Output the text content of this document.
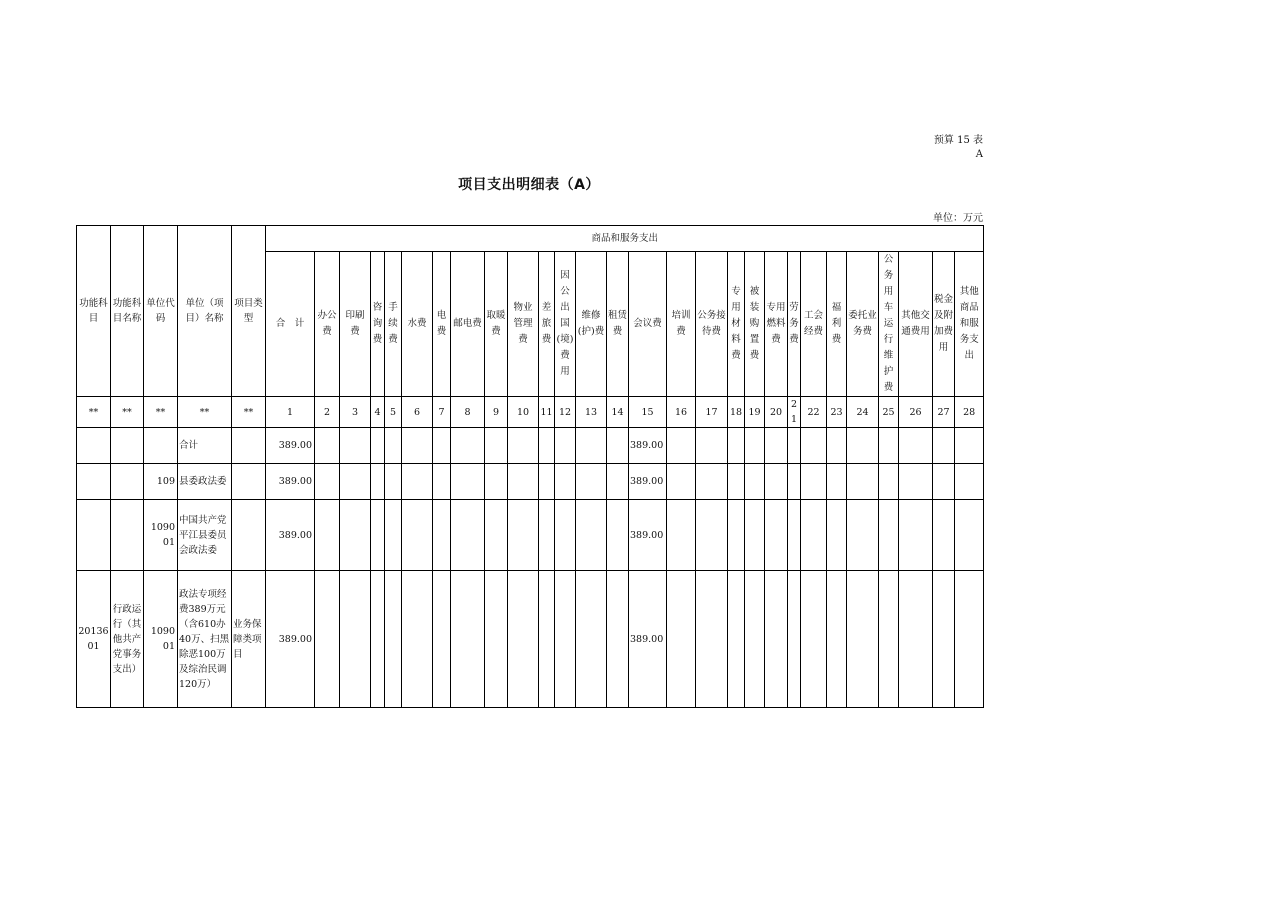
预算 15 表
A
项目支出明细表（A）
单位：万元
功能科目	功能科目名称	单位代码	单位（项目）名称	项目类型	商品和服务支出																											
					合　计	办公费	印刷费	咨询费	手续费	水费	电费	邮电费	取暖费	物业管理费	差旅费	因公出国(境)费用	维修(护)费	租赁费	会议费	培训费	公务接待费	专用材料费	被装购置费	专用燃料费	劳务费	工会经费	福利费	委托业务费	公务用车运行维护费	其他交通费用	税金及附加费用	其他商品和服务支出
**	**	**	**	**	1	2	3	4	5	6	7	8	9	10	11	12	13	14	15	16	17	18	19	20	21	22	23	24	25	26	27	28
			合计		389.00														389.00													
		109	县委政法委		389.00														389.00													
		109001	中国共产党平江县委员会政法委		389.00														389.00													
2013601	行政运行（其他共产党事务支出）	109001	政法专项经费389万元（含610办40万、扫黑除恶100万及综治民调120万）	业务保障类项目	389.00														389.00													
